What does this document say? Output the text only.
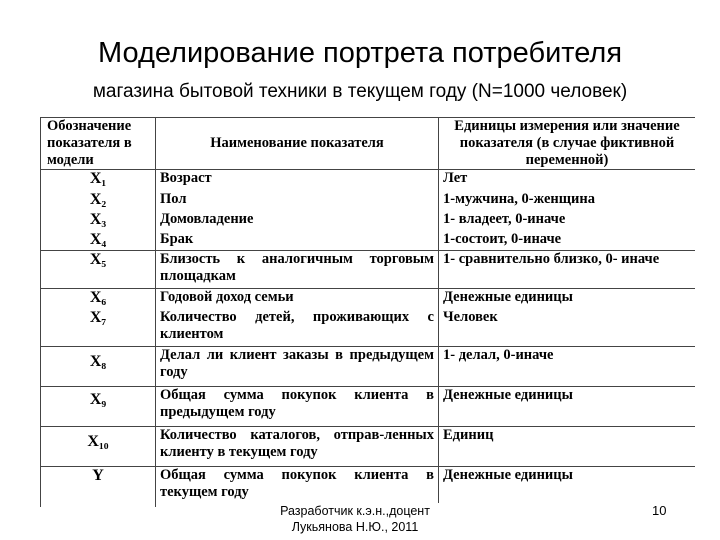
Моделирование портрета потребителя
магазина бытовой техники в текущем году (N=1000 человек)
Обозначение показателя в модели	Наименование показателя	Единицы измерения или значение показателя (в случае фиктивной переменной)
X₁	Возраст	Лет
X₂	Пол	1-мужчина, 0-женщина
X₃	Домовладение	1- владеет, 0-иначе
X₄	Брак	1-состоит, 0-иначе
X₅	Близость к аналогичным торговым площадкам	1- сравнительно близко, 0- иначе
X₆	Годовой доход семьи	Денежные единицы
X₇	Количество детей, проживающих с клиентом	Человек
X₈	Делал ли клиент заказы в предыдущем году	1- делал, 0-иначе
X₉	Общая сумма покупок клиента в предыдущем году	Денежные единицы
X₁₀	Количество каталогов, отправ-ленных клиенту в текущем году	Единиц
Y	Общая сумма покупок клиента в текущем году	Денежные единицы
Разработчик к.э.н.,доцент
Лукьянова Н.Ю., 2011
10
